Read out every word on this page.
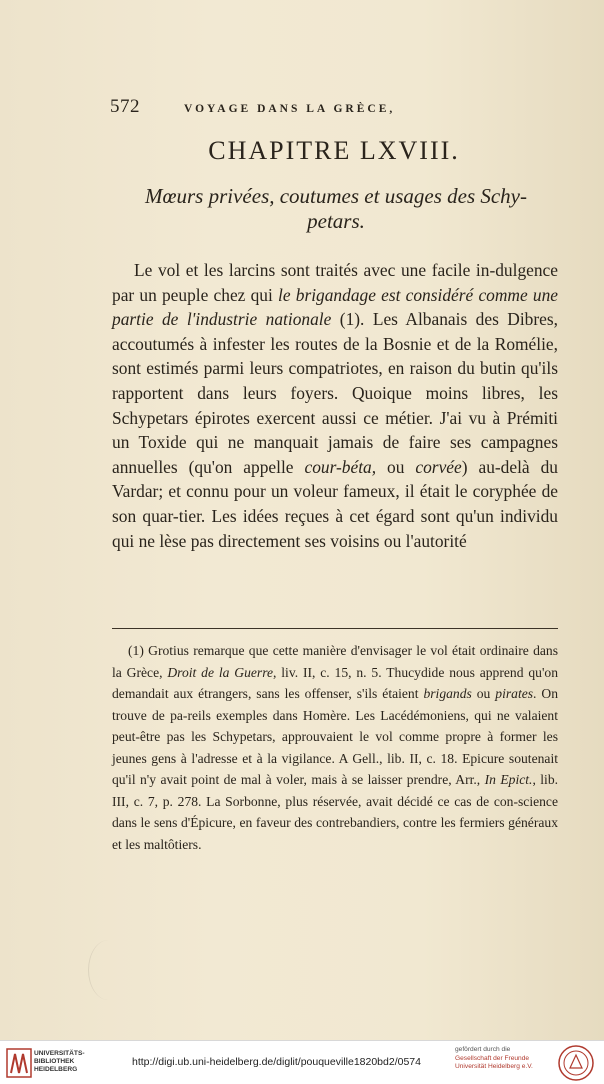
572	VOYAGE DANS LA GRÈCE,
CHAPITRE LXVIII.
Mœurs privées, coutumes et usages des Schy-
petars.

Le vol et les larcins sont traités avec une facile in-dulgence par un peuple chez qui le brigandage est considéré comme une partie de l'industrie nationale (1). Les Albanais des Dibres, accoutumés à infester les routes de la Bosnie et de la Romélie, sont estimés parmi leurs compatriotes, en raison du butin qu'ils rapportent dans leurs foyers. Quoique moins libres, les Schypetars épirotes exercent aussi ce métier. J'ai vu à Prémiti un Toxide qui ne manquait jamais de faire ses campagnes annuelles (qu'on appelle cour-béta, ou corvée) au-delà du Vardar; et connu pour un voleur fameux, il était le coryphée de son quar-tier. Les idées reçues à cet égard sont qu'un individu qui ne lèse pas directement ses voisins ou l'autorité

(1) Grotius remarque que cette manière d'envisager le vol était ordinaire dans la Grèce, Droit de la Guerre, liv. II, c. 15, n. 5. Thucydide nous apprend qu'on demandait aux étrangers, sans les offenser, s'ils étaient brigands ou pirates. On trouve de pa-reils exemples dans Homère. Les Lacédémoniens, qui ne valaient peut-être pas les Schypetars, approuvaient le vol comme propre à former les jeunes gens à l'adresse et à la vigilance. A Gell., lib. II, c. 18. Epicure soutenait qu'il n'y avait point de mal à voler, mais à se laisser prendre, Arr., In Epict., lib. III, c. 7, p. 278. La Sorbonne, plus réservée, avait décidé ce cas de con-science dans le sens d'Épicure, en faveur des contrebandiers, contre les fermiers généraux et les maltôtiers.

UNIVERSITÄTS-
BIBLIOTHEK
HEIDELBERG
http://digi.ub.uni-heidelberg.de/diglit/pouqueville1820bd2/0574
gefördert durch die
Gesellschaft der Freunde
Universität Heidelberg e.V.
